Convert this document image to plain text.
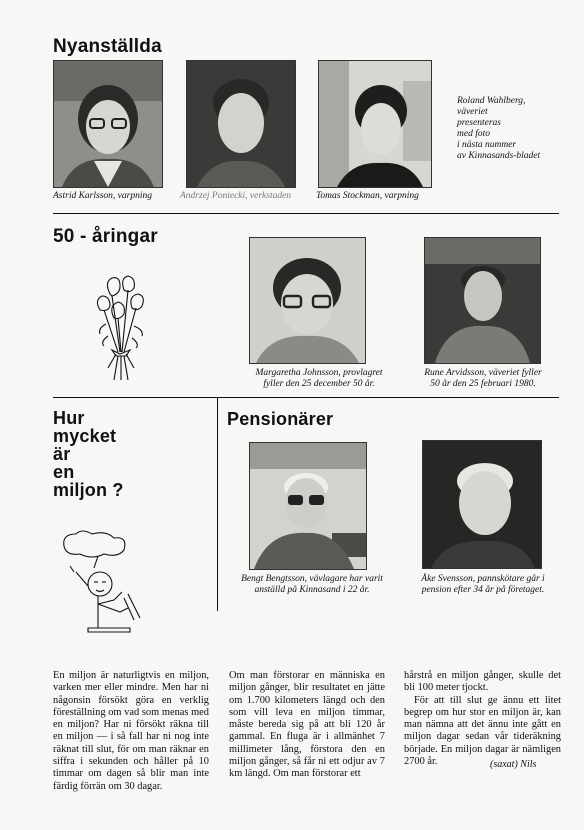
Nyanställda
Astrid Karlsson, varpning	Andrzej Poniecki, verkstaden	Tomas Stockman, varpning
Roland Wahlberg,
väveriet
presenteras
med foto
i nästa nummer
av Kinnasands-bladet
50 - åringar
Margaretha Johnsson, provlagret
fyller den 25 december 50 år.
Rune Arvidsson, väveriet fyller
50 år den 25 februari 1980.
Hur
mycket
är
en
miljon ?
Pensionärer
Bengt Bengtsson, vävlagare har varit
anställd på Kinnasand i 22 år.
Åke Svensson, pannskötare går i
pension efter 34 år på företaget.

En miljon är naturligtvis en miljon, varken mer eller mindre. Men har ni någonsin försökt göra en verklig föreställning om vad som menas med en miljon? Har ni försökt räkna till en miljon — i så fall har ni nog inte räknat till slut, för om man räknar en siffra i sekunden och håller på 10 timmar om dagen så blir man inte färdig förrän om 30 dagar.

Om man förstorar en människa en miljon gånger, blir resultatet en jätte om 1.700 kilometers längd och den som vill leva en miljon timmar, måste bereda sig på att bli 120 år gammal. En fluga är i allmänhet 7 millimeter lång, förstora den en miljon gånger, så får ni ett odjur av 7 km längd. Om man förstorar ett

hårstrå en miljon gånger, skulle det bli 100 meter tjockt.

För att till slut ge ännu ett litet begrep om hur stor en miljon är, kan man nämna att det ännu inte gått en miljon dagar sedan vår tideräkning började. En miljon dagar är nämligen 2700 år.	(saxat) Nils
